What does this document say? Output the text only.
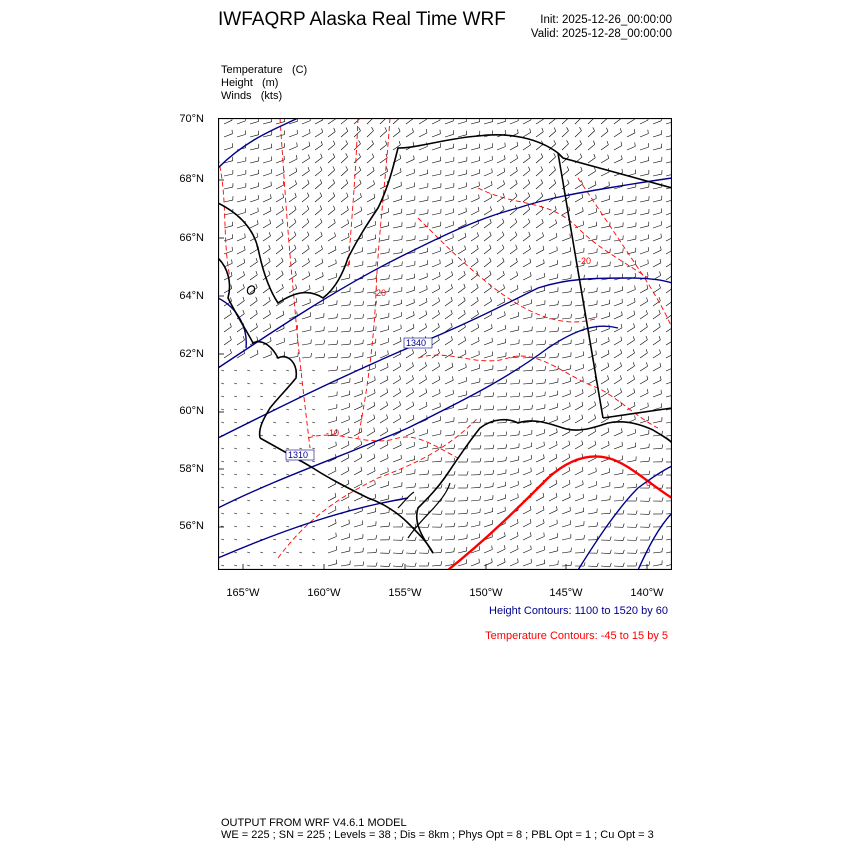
IWFAQRP Alaska Real Time WRF	Init: 2025-12-26_00:00:00
Valid: 2025-12-28_00:00:00
Temperature (C)
Height (m)
Winds (kts)
70°N
68°N
66°N
64°N
62°N
60°N
58°N
56°N
165°W	160°W	155°W	150°W	145°W	140°W
1340
1310
-20
-10
-20
0
Height Contours: 1100 to 1520 by 60
Temperature Contours: -45 to 15 by 5
OUTPUT FROM WRF V4.6.1 MODEL
WE = 225 ; SN = 225 ; Levels = 38 ; Dis = 8km ; Phys Opt = 8 ; PBL Opt = 1 ; Cu Opt = 3
